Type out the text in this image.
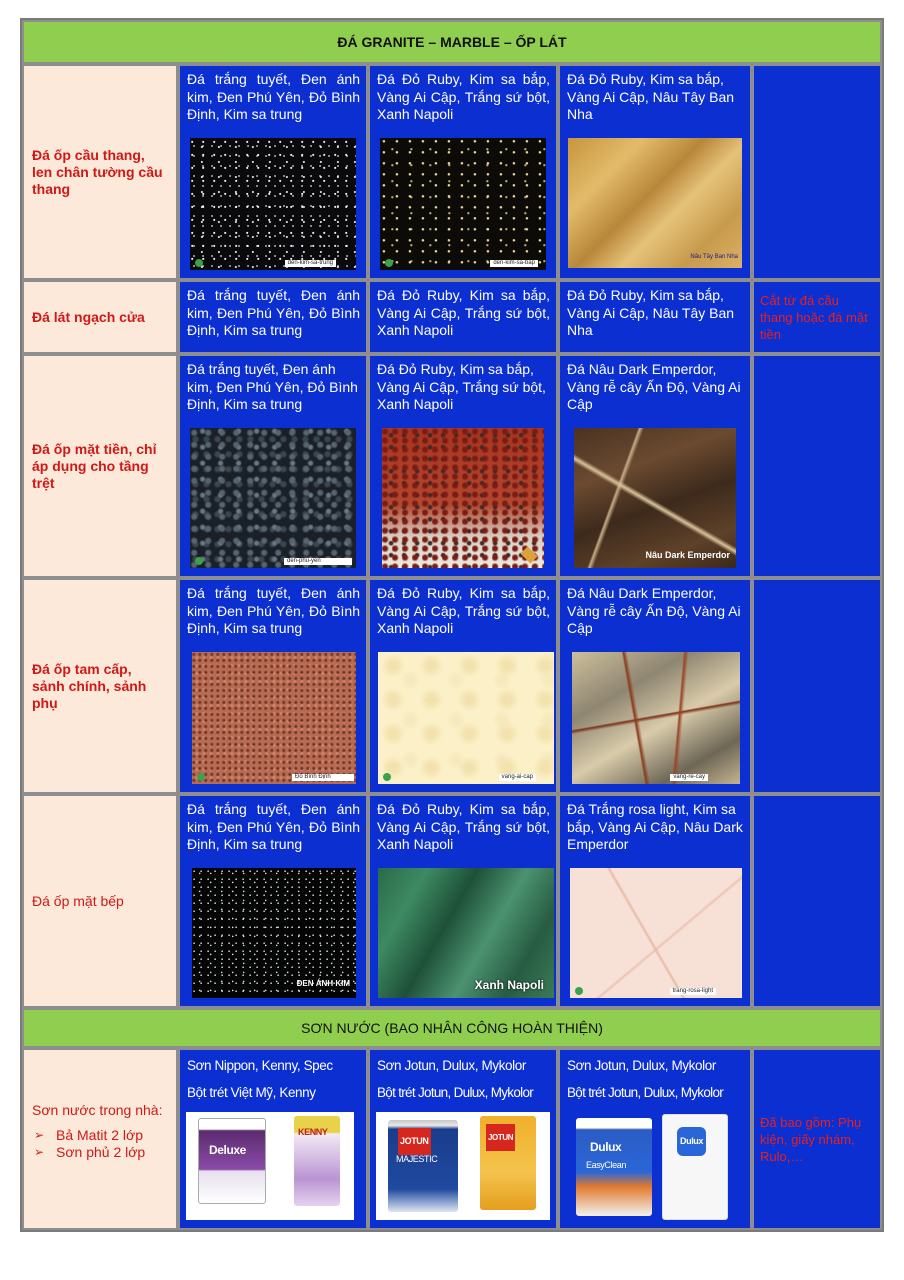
ĐÁ GRANITE – MARBLE – ỐP LÁT
Đá ốp cầu thang, len chân tường cầu thang
Đá trắng tuyết, Đen ánh kim, Đen Phú Yên, Đỏ Bình Định, Kim sa trung
den-kim-sa-trung
Đá Đỏ Ruby, Kim sa bắp, Vàng Ai Cập, Trắng sứ bột, Xanh Napoli
den-kim-sa-bap
Đá Đỏ Ruby, Kim sa bắp, Vàng Ai Cập, Nâu Tây Ban Nha
Nâu Tây Ban Nha
Đá lát ngạch cửa
Đá trắng tuyết, Đen ánh kim, Đen Phú Yên, Đỏ Bình Định, Kim sa trung
Đá Đỏ Ruby, Kim sa bắp, Vàng Ai Cập, Trắng sứ bột, Xanh Napoli
Đá Đỏ Ruby, Kim sa bắp, Vàng Ai Cập, Nâu Tây Ban Nha
Cắt từ đá cầu thang hoặc đá mặt tiền
Đá ốp mặt tiền, chỉ áp dụng cho tầng trệt
Đá trắng tuyết, Đen ánh kim, Đen Phú Yên, Đỏ Bình Định, Kim sa trung
den-phu-yen
Đá Đỏ Ruby, Kim sa bắp, Vàng Ai Cập, Trắng sứ bột, Xanh Napoli
Đá Nâu Dark Emperdor, Vàng rễ cây Ấn Độ, Vàng Ai Cập
Nâu Dark Emperdor
Đá ốp tam cấp, sảnh chính, sảnh phụ
Đá trắng tuyết, Đen ánh kim, Đen Phú Yên, Đỏ Bình Định, Kim sa trung
Đỏ Bình Định
Đá Đỏ Ruby, Kim sa bắp, Vàng Ai Cập, Trắng sứ bột, Xanh Napoli
vang-ai-cap
Đá Nâu Dark Emperdor, Vàng rễ cây Ấn Độ, Vàng Ai Cập
vang-re-cay
Đá ốp mặt bếp
Đá trắng tuyết, Đen ánh kim, Đen Phú Yên, Đỏ Bình Định, Kim sa trung
ĐEN ÁNH KIM
Đá Đỏ Ruby, Kim sa bắp, Vàng Ai Cập, Trắng sứ bột, Xanh Napoli
Xanh Napoli
Đá Trắng rosa light, Kim sa bắp, Vàng Ai Cập, Nâu Dark Emperdor
trang-rosa-light
SƠN NƯỚC (BAO NHÂN CÔNG HOÀN THIỆN)
Sơn nước trong nhà:
➢ Bả Matit 2 lớp
➢ Sơn phủ 2 lớp
Sơn Nippon, Kenny, Spec
Bột trét Việt Mỹ, Kenny
Deluxe
KENNY
Sơn Jotun, Dulux, Mykolor
Bột trét Jotun, Dulux, Mykolor
JOTUN
MAJESTIC
JOTUN
Sơn Jotun, Dulux, Mykolor
Bột trét Jotun, Dulux, Mykolor
Dulux
EasyClean
Dulux
Đã bao gồm: Phụ kiện, giấy nhám, Rulo,…
